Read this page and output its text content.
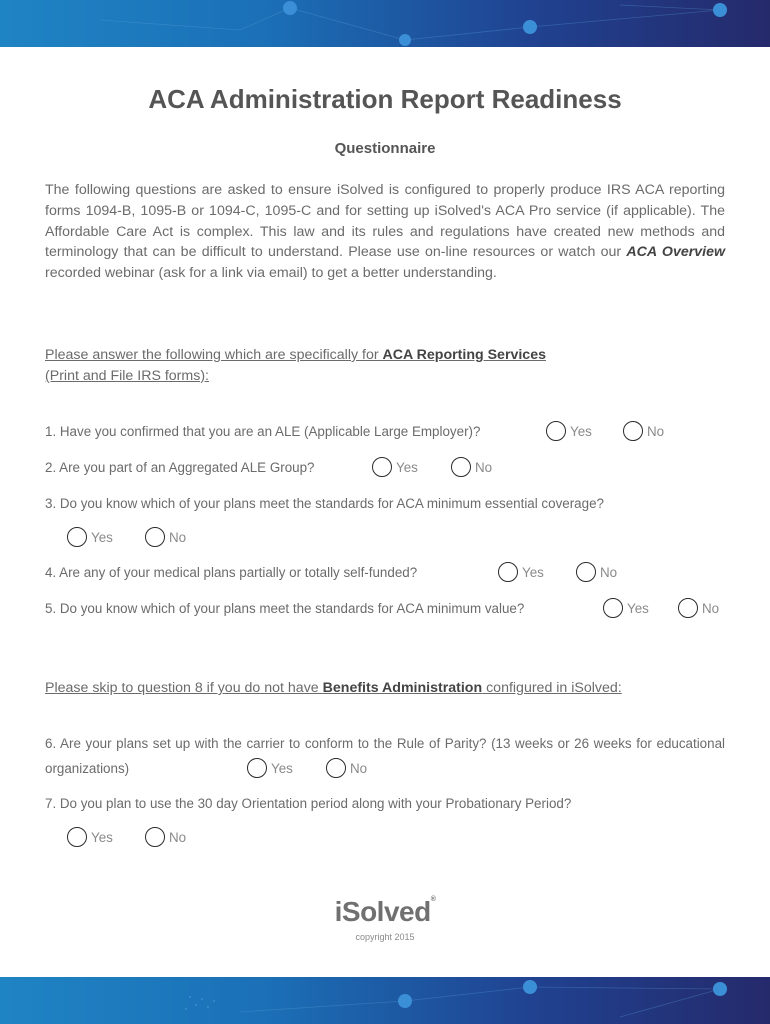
ACA Administration Report Readiness
Questionnaire
The following questions are asked to ensure iSolved is configured to properly produce IRS ACA reporting forms 1094-B, 1095-B or 1094-C, 1095-C and for setting up iSolved's ACA Pro service (if applicable). The Affordable Care Act is complex. This law and its rules and regulations have created new methods and terminology that can be difficult to understand. Please use on-line resources or watch our ACA Overview recorded webinar (ask for a link via email) to get a better understanding.
Please answer the following which are specifically for ACA Reporting Services
(Print and File IRS forms):
1. Have you confirmed that you are an ALE (Applicable Large Employer)?	Yes	No
2. Are you part of an Aggregated ALE Group?	Yes	No
3. Do you know which of your plans meet the standards for ACA minimum essential coverage?
Yes	No
4. Are any of your medical plans partially or totally self-funded?	Yes	No
5. Do you know which of your plans meet the standards for ACA minimum value?	Yes	No
Please skip to question 8 if you do not have Benefits Administration configured in iSolved:
6. Are your plans set up with the carrier to conform to the Rule of Parity? (13 weeks or 26 weeks for educational organizations)	Yes	No
7. Do you plan to use the 30 day Orientation period along with your Probationary Period?
Yes	No
iSolved®
copyright 2015
